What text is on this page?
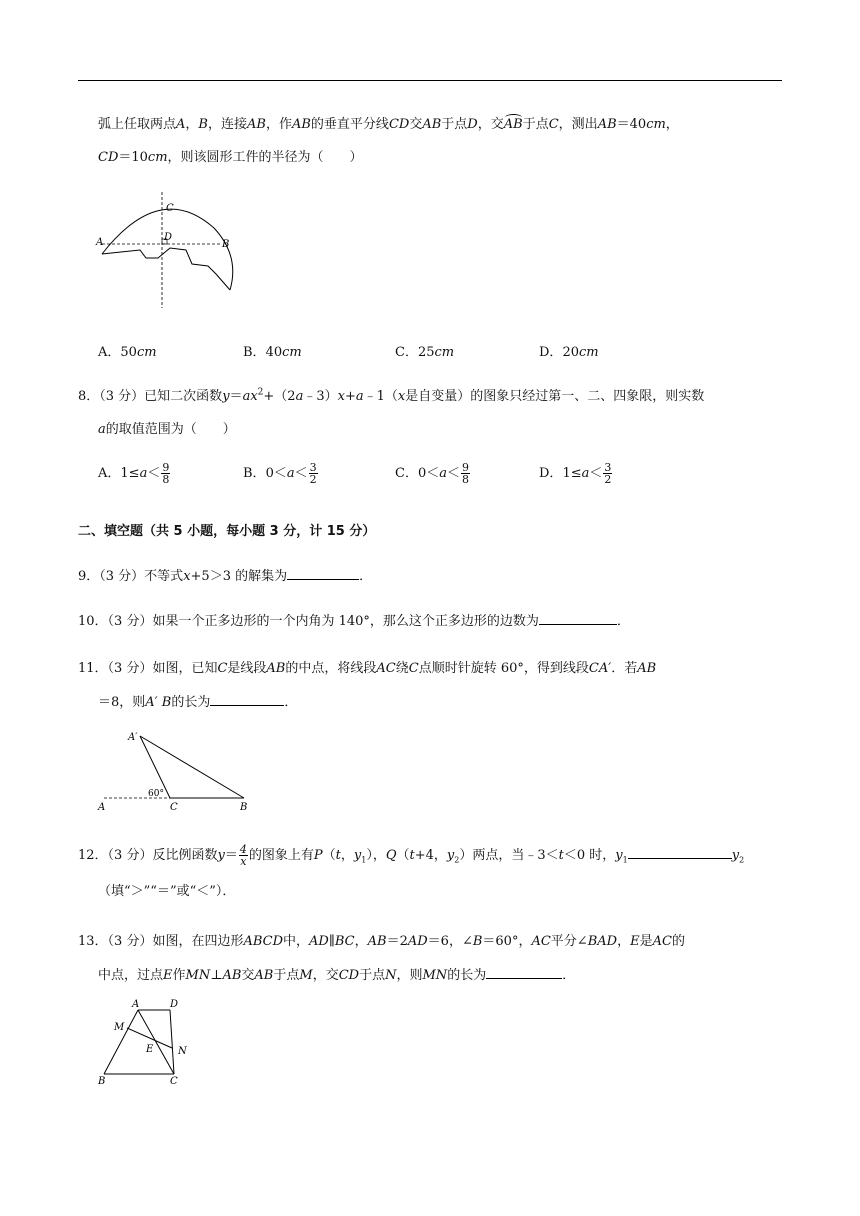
弧上任取两点A，B，连接AB，作AB的垂直平分线CD交AB于点D，交AB于点C，测出AB＝40cm，
CD＝10cm，则该圆形工件的半径为（　　）
C
D
A	B
A．50cm	B．40cm	C．25cm	D．20cm
8．（3 分）已知二次函数$y=ax^2+(2a﹣3)x+a﹣1(x$是自变量）的图象只经过第一、二、四象限，则实数
a的取值范围为（　　）
A．$1\le a< \frac{9}{8}$	B．$0<a< \frac{3}{2}$	C．$0<a< \frac{9}{8}$	D．$1\le a< \frac{3}{2}$
二、填空题（共 5 小题，每小题 3 分，计 15 分）
9．（3 分）不等式x+5＞3 的解集为	．
10．（3 分）如果一个正多边形的一个内角为 140°，那么这个正多边形的边数为	．
11．（3 分）如图，已知C是线段AB的中点，将线段AC绕C点顺时针旋转 60°，得到线段CA′．若AB
＝8，则A′ B的长为	．
A′
A	C	B
60°
12．（3 分）反比例函数$y= \frac{4}{x}$ 的图象上有P（t，$y_1$），Q（t+4，$y_2$）两点，当﹣3＜t＜0 时，$y_1$	$y_2$
（填“＞”“＝”或“＜”）．
13．（3 分）如图，在四边形ABCD中，AD∥BC，AB＝2AD＝6，∠B＝60°，AC平分∠BAD，E是AC的
中点，过点E作MN⊥AB交AB于点M，交CD于点N，则MN的长为	．
A	D
M
E N
B	C
